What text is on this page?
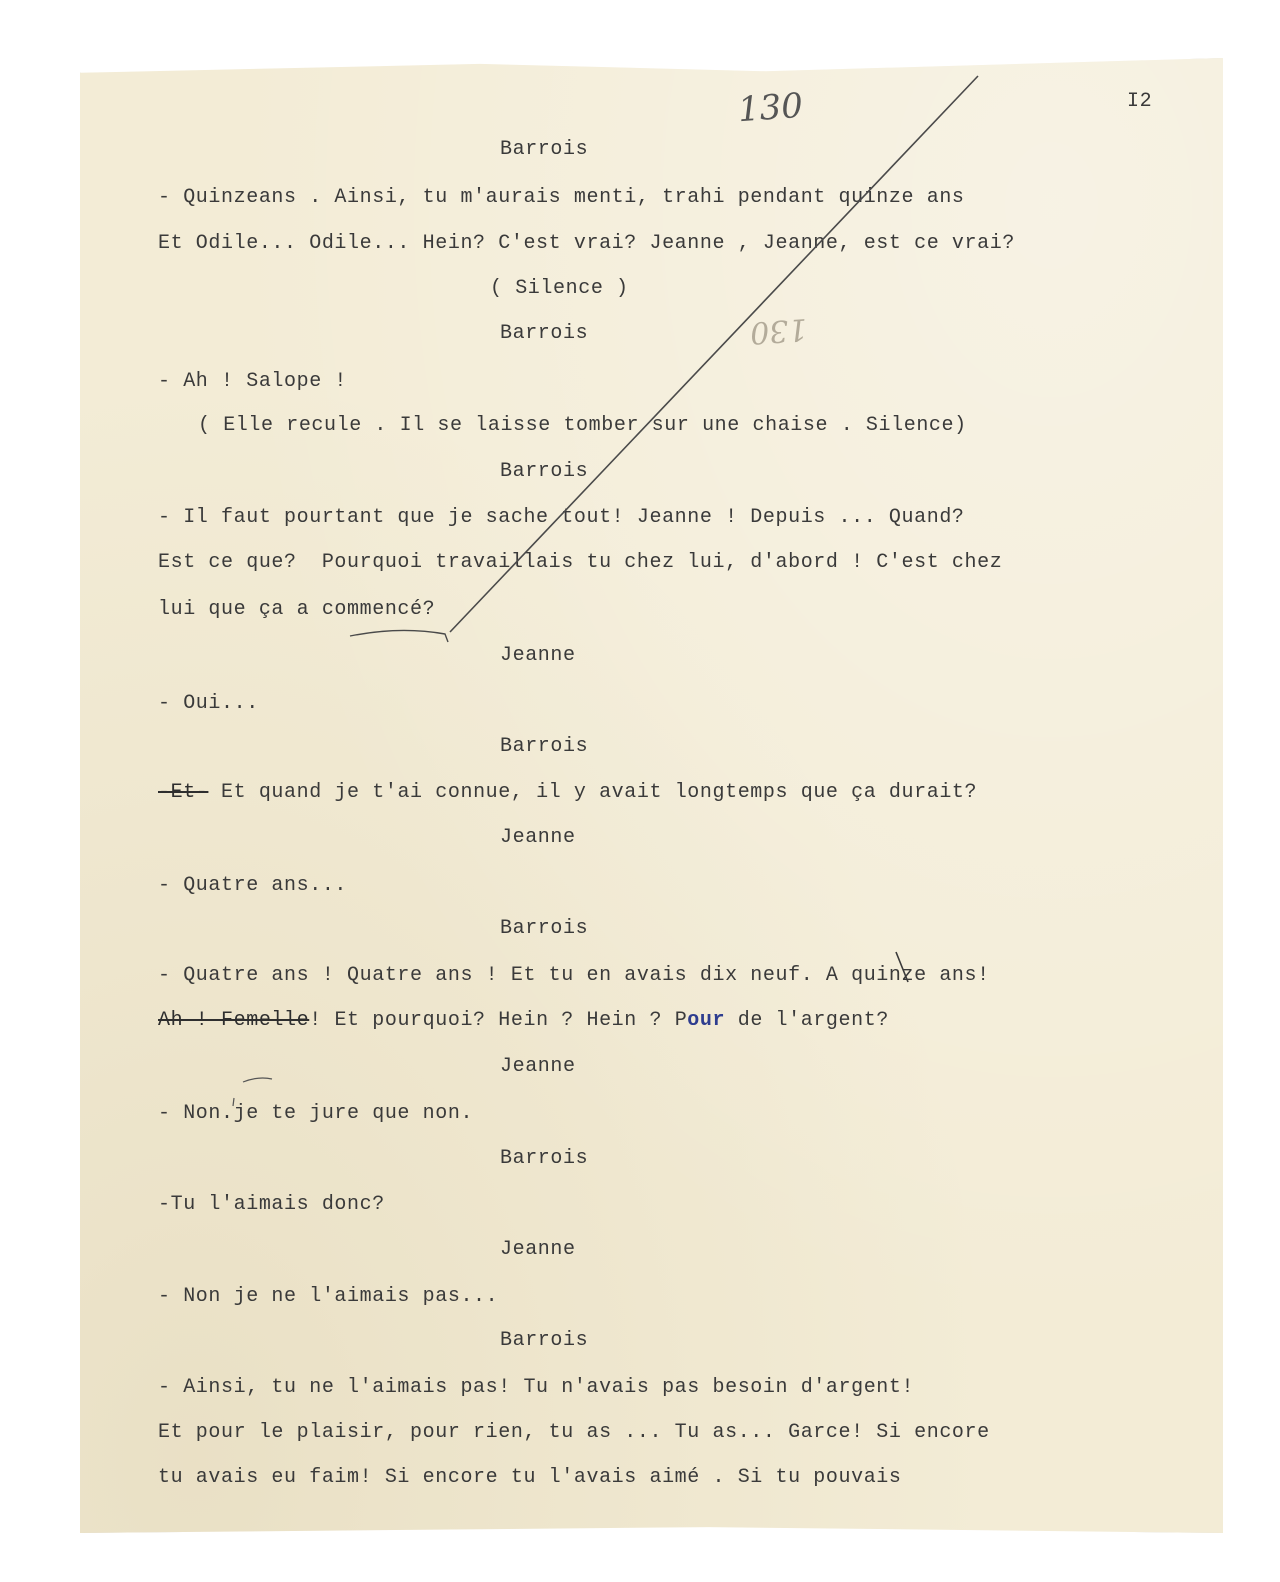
I2
130
130
Barrois
- Quinzeans . Ainsi, tu m'aurais menti, trahi pendant quinze ans
Et Odile... Odile... Hein? C'est vrai? Jeanne , Jeanne, est ce vrai?
( Silence )
Barrois
- Ah ! Salope !
( Elle recule . Il se laisse tomber sur une chaise . Silence)
Barrois
- Il faut pourtant que je sache tout! Jeanne ! Depuis ... Quand?
Est ce que?  Pourquoi travaillais tu chez lui, d'abord ! C'est chez
lui que ça a commencé?
Jeanne
- Oui...
Barrois
-Et- Et quand je t'ai connue, il y avait longtemps que ça durait?
Jeanne
- Quatre ans...
Barrois
- Quatre ans ! Quatre ans ! Et tu en avais dix neuf. A quinze ans!
Ah ! Femelle! Et pourquoi? Hein ? Hein ? Pour de l'argent?
Jeanne
- Non.je te jure que non.
Barrois
-Tu l'aimais donc?
Jeanne
- Non je ne l'aimais pas...
Barrois
- Ainsi, tu ne l'aimais pas! Tu n'avais pas besoin d'argent!
Et pour le plaisir, pour rien, tu as ... Tu as... Garce! Si encore
tu avais eu faim! Si encore tu l'avais aimé . Si tu pouvais
